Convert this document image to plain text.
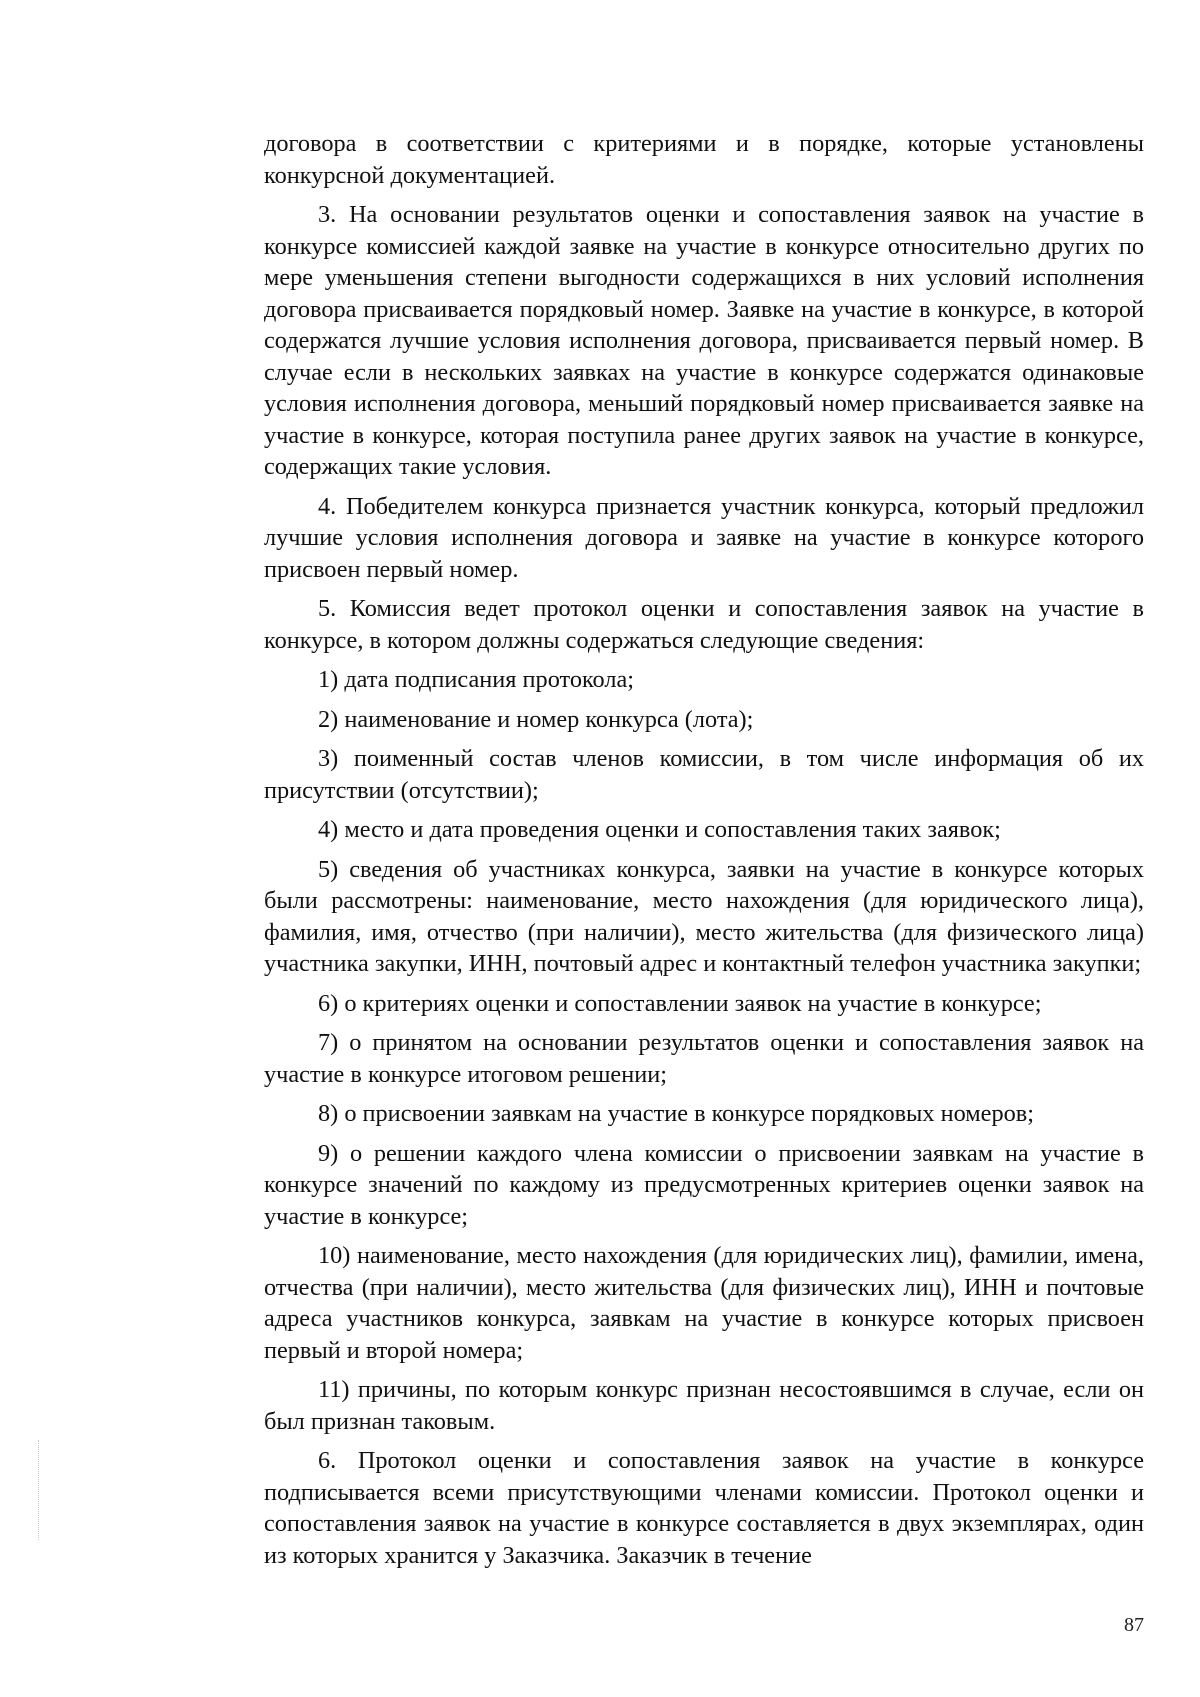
договора в соответствии с критериями и в порядке, которые установлены конкурсной документацией.

3. На основании результатов оценки и сопоставления заявок на участие в конкурсе комиссией каждой заявке на участие в конкурсе относительно других по мере уменьшения степени выгодности содержащихся в них условий исполнения договора присваивается порядковый номер. Заявке на участие в конкурсе, в которой содержатся лучшие условия исполнения договора, присваивается первый номер. В случае если в нескольких заявках на участие в конкурсе содержатся одинаковые условия исполнения договора, меньший порядковый номер присваивается заявке на участие в конкурсе, которая поступила ранее других заявок на участие в конкурсе, содержащих такие условия.

4. Победителем конкурса признается участник конкурса, который предложил лучшие условия исполнения договора и заявке на участие в конкурсе которого присвоен первый номер.

5. Комиссия ведет протокол оценки и сопоставления заявок на участие в конкурсе, в котором должны содержаться следующие сведения:

1) дата подписания протокола;

2) наименование и номер конкурса (лота);

3) поименный состав членов комиссии, в том числе информация об их присутствии (отсутствии);

4) место и дата проведения оценки и сопоставления таких заявок;

5) сведения об участниках конкурса, заявки на участие в конкурсе которых были рассмотрены: наименование, место нахождения (для юридического лица), фамилия, имя, отчество (при наличии), место жительства (для физического лица) участника закупки, ИНН, почтовый адрес и контактный телефон участника закупки;

6) о критериях оценки и сопоставлении заявок на участие в конкурсе;

7) о принятом на основании результатов оценки и сопоставления заявок на участие в конкурсе итоговом решении;

8) о присвоении заявкам на участие в конкурсе порядковых номеров;

9) о решении каждого члена комиссии о присвоении заявкам на участие в конкурсе значений по каждому из предусмотренных критериев оценки заявок на участие в конкурсе;

10) наименование, место нахождения (для юридических лиц), фамилии, имена, отчества (при наличии), место жительства (для физических лиц), ИНН и почтовые адреса участников конкурса, заявкам на участие в конкурсе которых присвоен первый и второй номера;

11) причины, по которым конкурс признан несостоявшимся в случае, если он был признан таковым.

6. Протокол оценки и сопоставления заявок на участие в конкурсе подписывается всеми присутствующими членами комиссии. Протокол оценки и сопоставления заявок на участие в конкурсе составляется в двух экземплярах, один из которых хранится у Заказчика. Заказчик в течение

87
